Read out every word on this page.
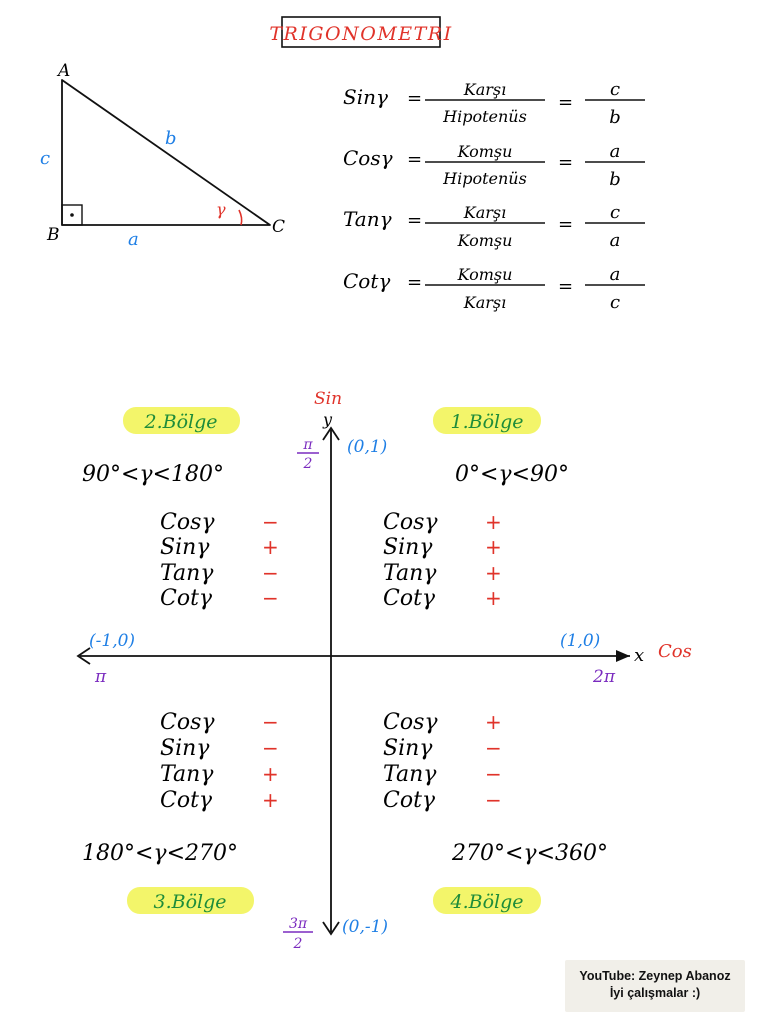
TRIGONOMETRI
A
B	C
c
b
a
γ
Sinγ =	Karşı
Hipotenüs
=
c
b
Cosγ = Komşu
Hipotenüs
=
a
b
Tanγ =	Karşı
Komşu
=
c
a
Cotγ = Komşu
Karşı
=
a
c
Sin
y
x Cos
(0,1)
(0,-1)
(-1,0)	(1,0)
π
2
3π
2
π	2π
2.Bölge	1.Bölge
3.Bölge	4.Bölge
90°<γ<180°	0°<γ<90°
180°<γ<270°	270°<γ<360°
Cosγ −
Sinγ	+
Tanγ −
Cotγ −
Cosγ +
Sinγ	+
Tanγ +
Cotγ +
Cosγ −
Sinγ	−
Tanγ +
Cotγ +
Cosγ +
Sinγ	−
Tanγ −
Cotγ −
YouTube: Zeynep Abanoz
İyi çalışmalar :)
